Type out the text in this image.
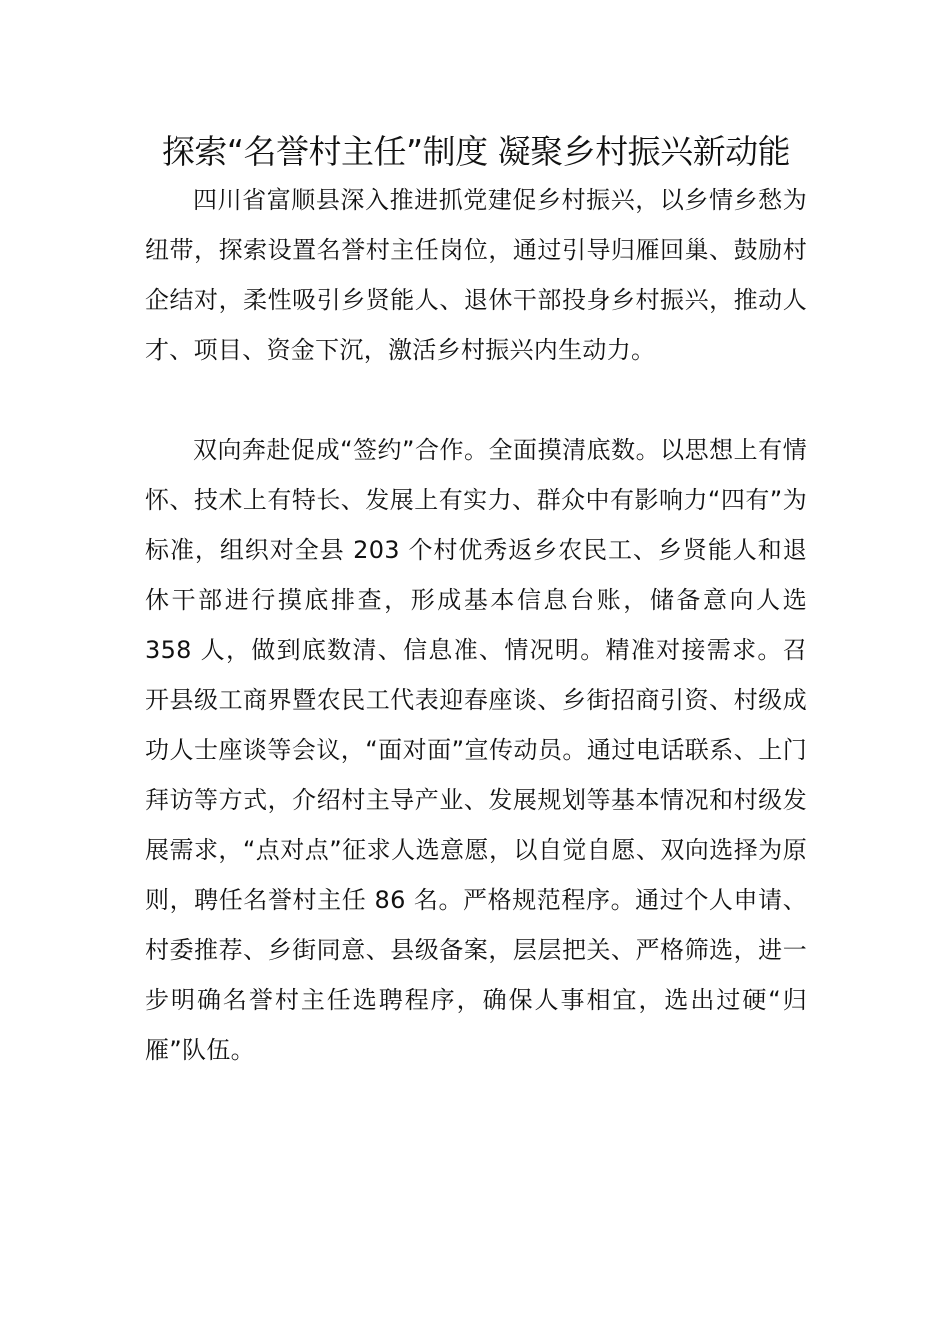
探索“名誉村主任”制度 凝聚乡村振兴新动能

四川省富顺县深入推进抓党建促乡村振兴，以乡情乡愁为纽带，探索设置名誉村主任岗位，通过引导归雁回巢、鼓励村企结对，柔性吸引乡贤能人、退休干部投身乡村振兴，推动人才、项目、资金下沉，激活乡村振兴内生动力。

双向奔赴促成“签约”合作。全面摸清底数。以思想上有情怀、技术上有特长、发展上有实力、群众中有影响力“四有”为标准，组织对全县 203 个村优秀返乡农民工、乡贤能人和退休干部进行摸底排查，形成基本信息台账，储备意向人选 358 人，做到底数清、信息准、情况明。精准对接需求。召开县级工商界暨农民工代表迎春座谈、乡街招商引资、村级成功人士座谈等会议，“面对面”宣传动员。通过电话联系、上门拜访等方式，介绍村主导产业、发展规划等基本情况和村级发展需求，“点对点”征求人选意愿，以自觉自愿、双向选择为原则，聘任名誉村主任 86 名。严格规范程序。通过个人申请、村委推荐、乡街同意、县级备案，层层把关、严格筛选，进一步明确名誉村主任选聘程序，确保人事相宜，选出过硬“归雁”队伍。
